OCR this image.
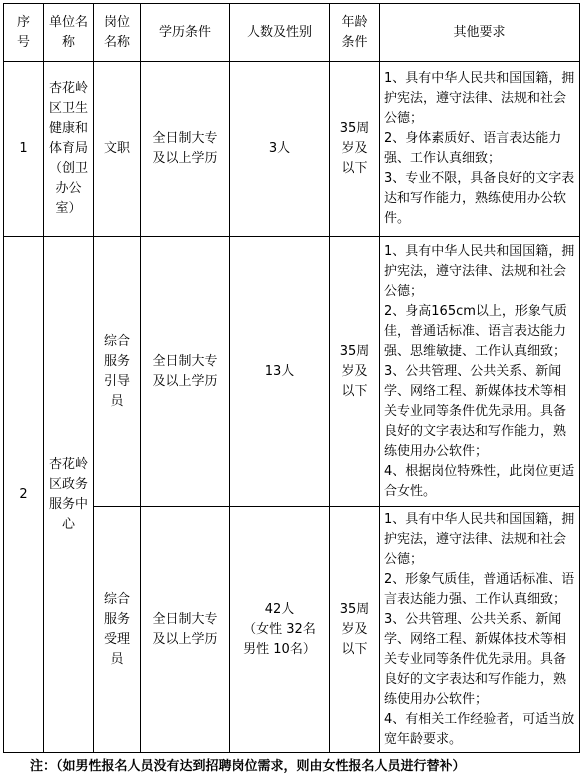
序号	单位名称	岗位名称	学历条件	人数及性别	年龄条件	其他要求
1	杏花岭区卫生健康和体育局（创卫办公室）	文职	全日制大专及以上学历	3人	35周岁及以下	1、具有中华人民共和国国籍，拥护宪法，遵守法律、法规和社会公德；
2、身体素质好、语言表达能力强、工作认真细致；
3、专业不限，具备良好的文字表达和写作能力，熟练使用办公软件。

2	杏花岭区政务服务中心	综合服务引导员	全日制大专及以上学历	13人	35周岁及以下	1、具有中华人民共和国国籍，拥护宪法，遵守法律、法规和社会公德；
2、身高165cm以上，形象气质佳，普通话标准、语言表达能力强、思维敏捷、工作认真细致；
3、公共管理、公共关系、新闻学、网络工程、新媒体技术等相关专业同等条件优先录用。具备良好的文字表达和写作能力，熟练使用办公软件；
4、根据岗位特殊性，此岗位更适合女性。

		综合服务受理员	全日制大专及以上学历	42人
（女性 32名
男性 10名）	35周岁及以下	1、具有中华人民共和国国籍，拥护宪法，遵守法律、法规和社会公德；
2、形象气质佳，普通话标准、语言表达能力强、工作认真细致；
3、公共管理、公共关系、新闻学、网络工程、新媒体技术等相关专业同等条件优先录用。具备良好的文字表达和写作能力，熟练使用办公软件；
4、有相关工作经验者，可适当放宽年龄要求。
注：（如男性报名人员没有达到招聘岗位需求，则由女性报名人员进行替补）
